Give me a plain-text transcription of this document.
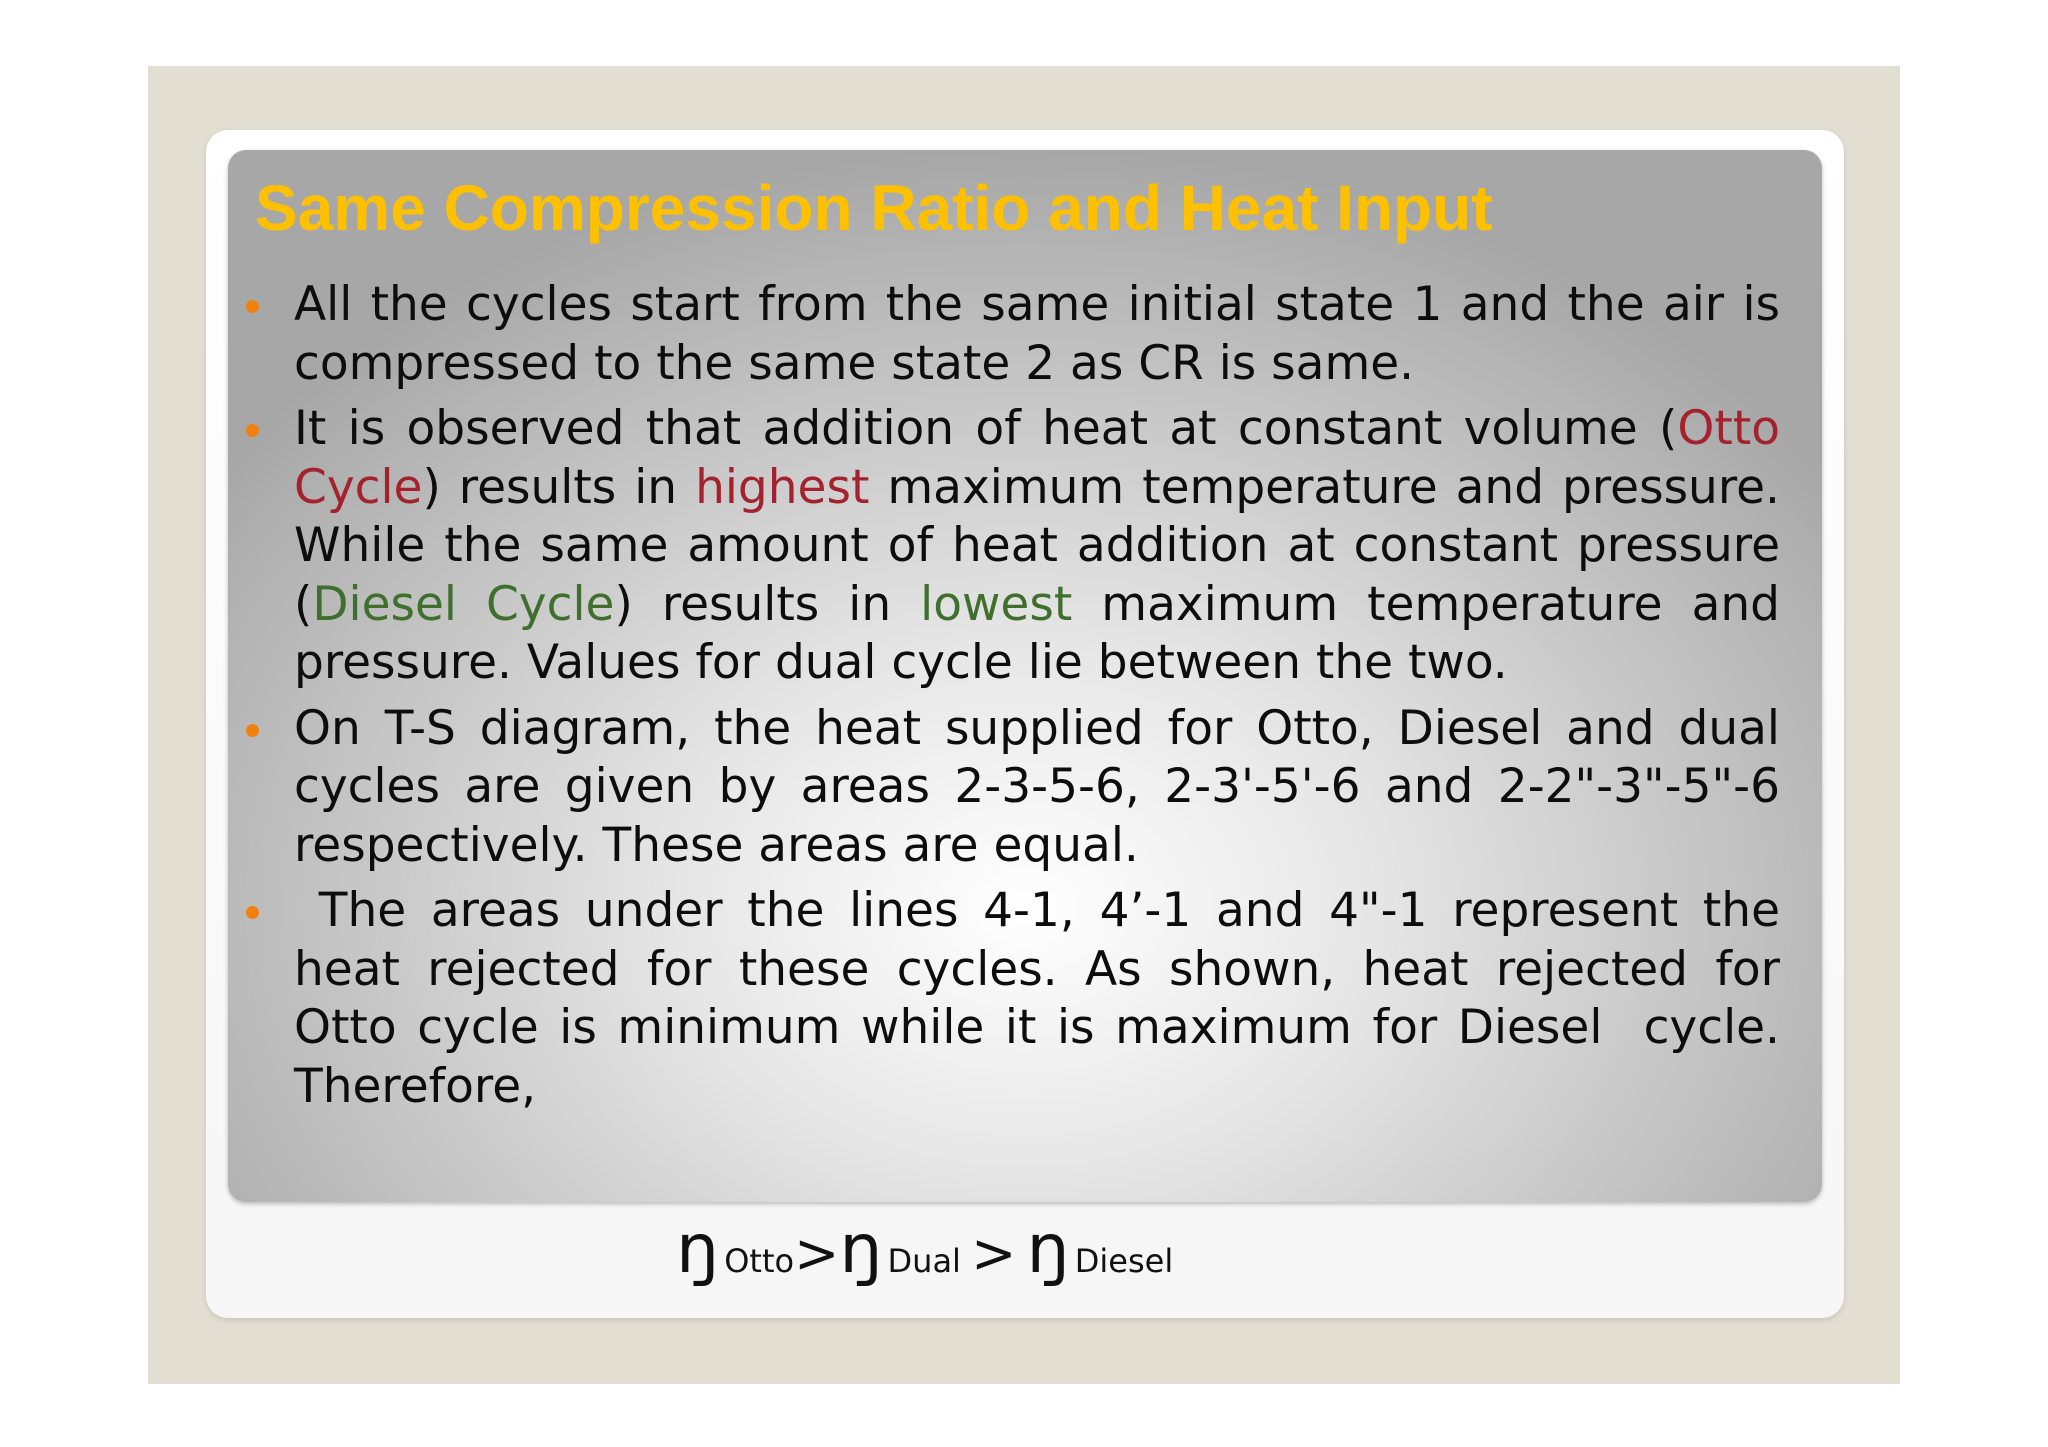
Same Compression Ratio and Heat Input
All the cycles start from the same initial state 1 and the air is compressed to the same state 2 as CR is same.
It is observed that addition of heat at constant volume (Otto Cycle) results in highest maximum temperature and pressure. While the same amount of heat addition at constant pressure (Diesel Cycle) results in lowest maximum temperature and pressure. Values for dual cycle lie between the two.
On T-S diagram, the heat supplied for Otto, Diesel and dual cycles are given by areas 2-3-5-6, 2-3'-5'-6 and 2-2"-3"-5"-6 respectively. These areas are equal.
The areas under the lines 4-1, 4’-1 and 4"-1 represent the heat rejected for these cycles. As shown, heat rejected for Otto cycle is minimum while it is maximum for Diesel  cycle. Therefore,
ŋ Otto>ŋ Dual > ŋ Diesel
